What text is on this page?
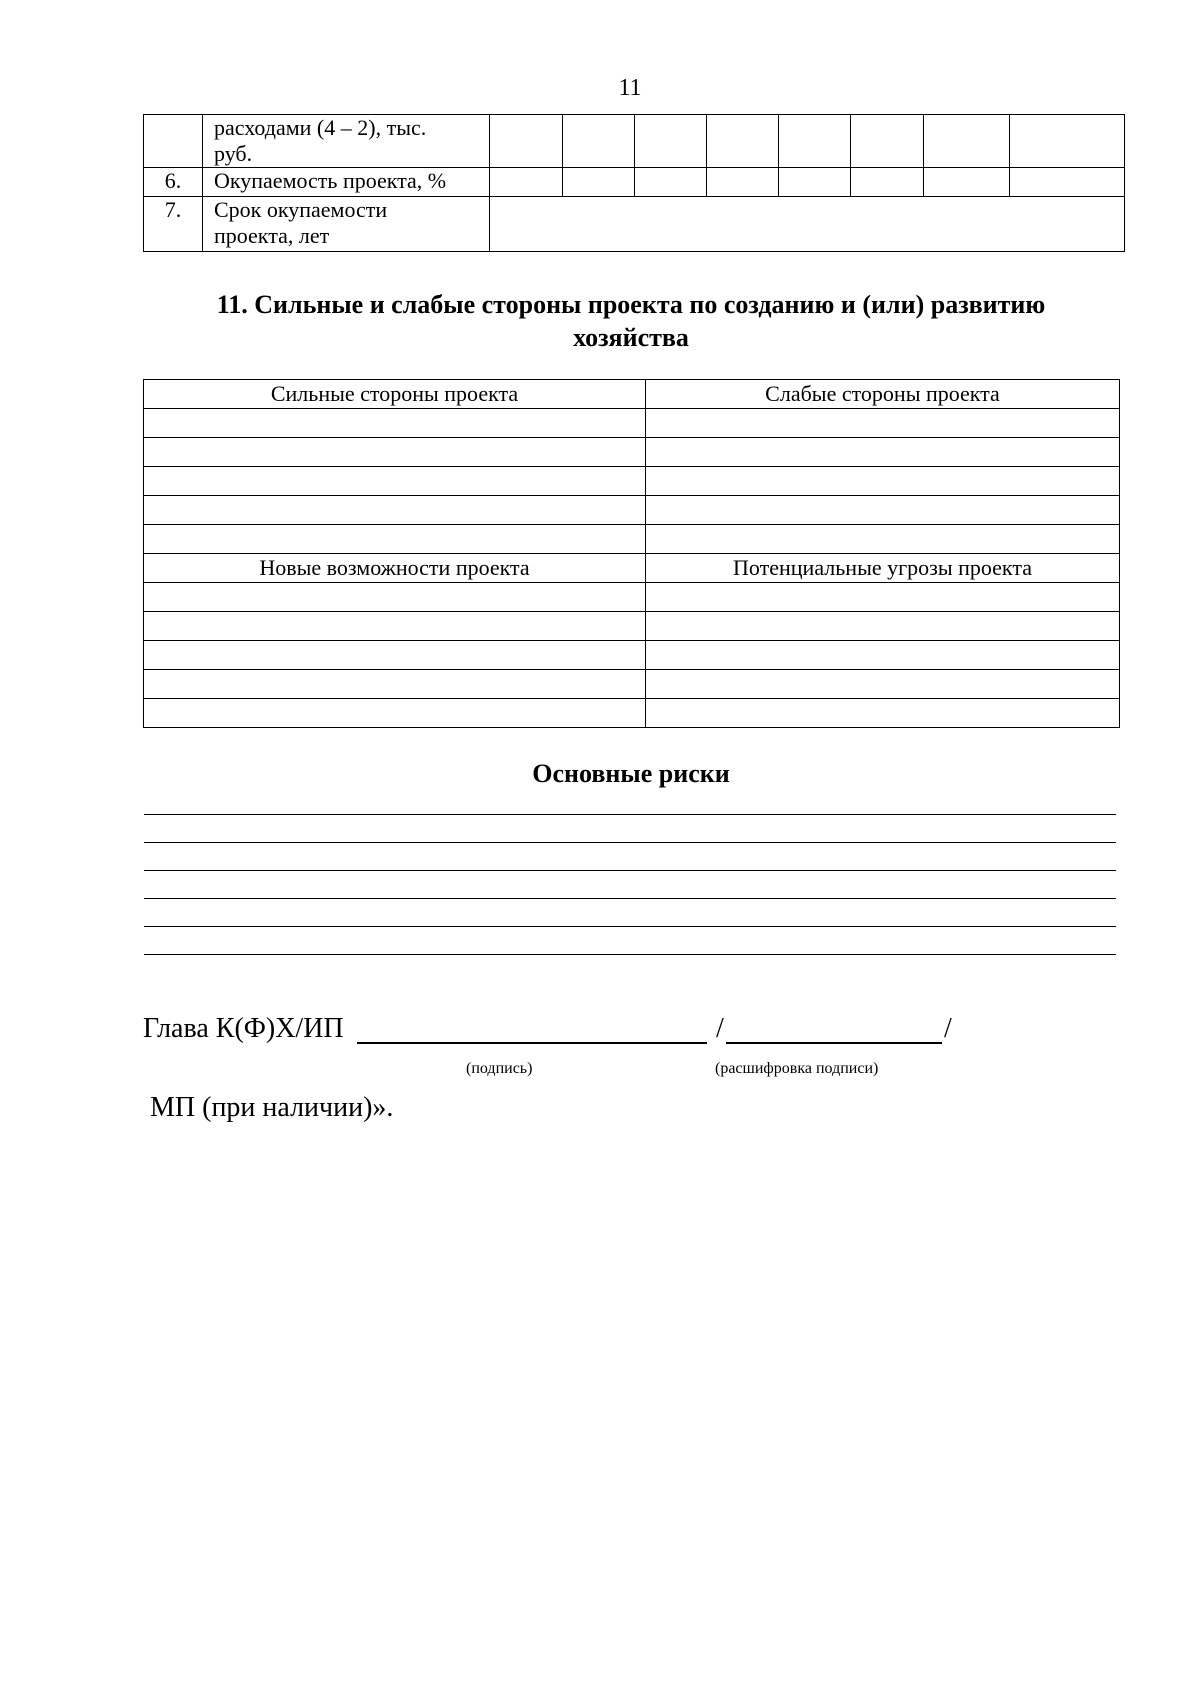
11

	расходами (4 – 2), тыс.
руб.								

6.	Окупаемость проекта, %								

7.	Срок окупаемости
проекта, лет								

11. Сильные и слабые стороны проекта по созданию и (или) развитию
хозяйства
Сильные стороны проекта	Слабые стороны проекта

Новые возможности проекта	Потенциальные угрозы проекта

Основные риски
Глава К(Ф)Х/ИП	/	/
(подпись)	(расшифровка подписи)
МП (при наличии)».
